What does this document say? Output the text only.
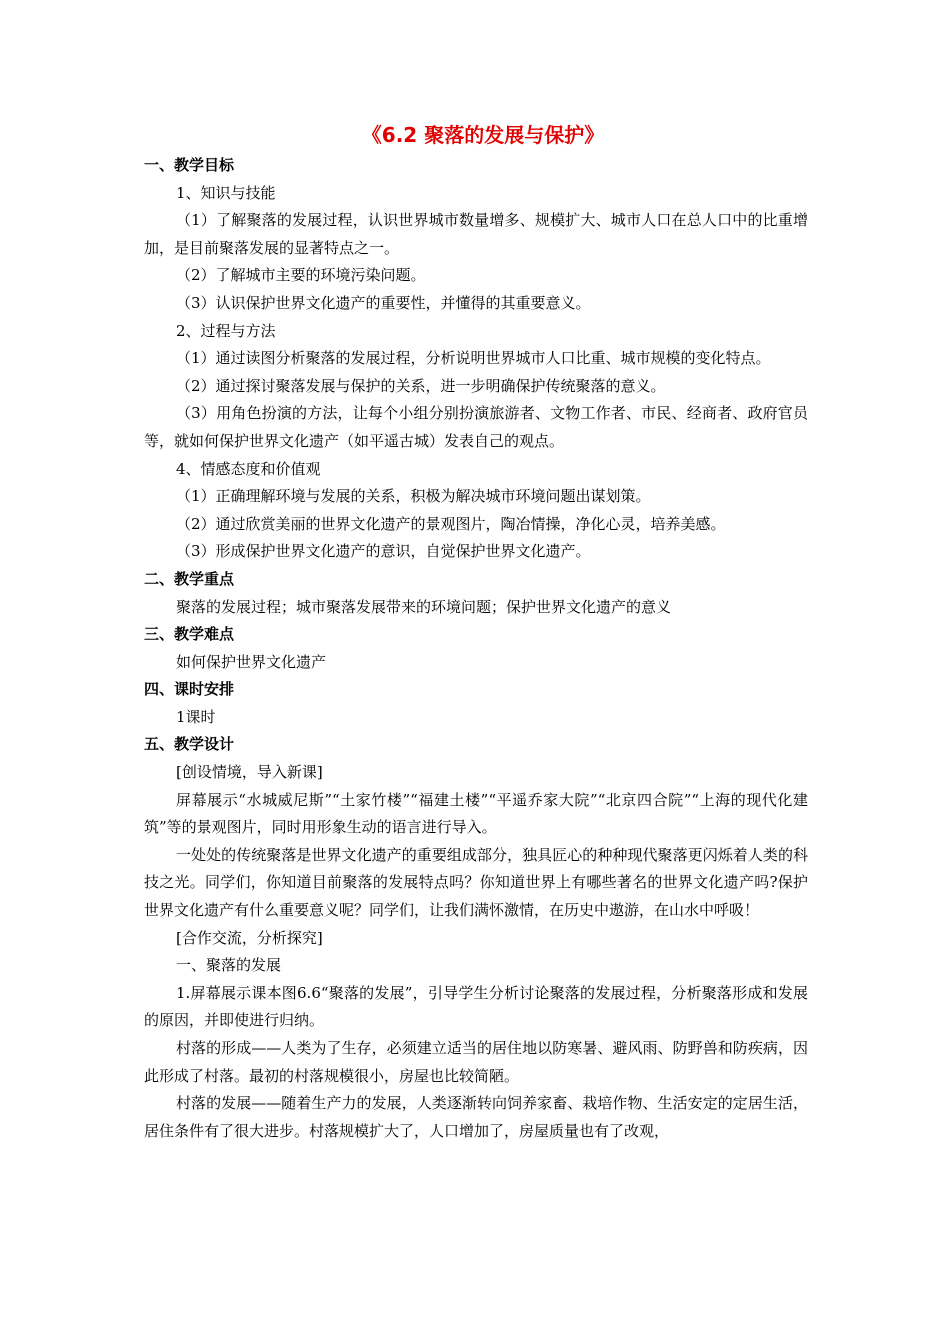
《6.2 聚落的发展与保护》
一、教学目标
1、知识与技能
（1）了解聚落的发展过程，认识世界城市数量增多、规模扩大、城市人口在总人口中的比重增加，是目前聚落发展的显著特点之一。
（2）了解城市主要的环境污染问题。
（3）认识保护世界文化遗产的重要性，并懂得的其重要意义。
2、过程与方法
（1）通过读图分析聚落的发展过程，分析说明世界城市人口比重、城市规模的变化特点。
（2）通过探讨聚落发展与保护的关系，进一步明确保护传统聚落的意义。
（3）用角色扮演的方法，让每个小组分别扮演旅游者、文物工作者、市民、经商者、政府官员等，就如何保护世界文化遗产（如平遥古城）发表自己的观点。
4、情感态度和价值观
（1）正确理解环境与发展的关系，积极为解决城市环境问题出谋划策。
（2）通过欣赏美丽的世界文化遗产的景观图片，陶冶情操，净化心灵，培养美感。
（3）形成保护世界文化遗产的意识，自觉保护世界文化遗产。
二、教学重点
聚落的发展过程；城市聚落发展带来的环境问题；保护世界文化遗产的意义
三、教学难点
如何保护世界文化遗产
四、课时安排
1课时
五、教学设计
[创设情境，导入新课]
屏幕展示“水城威尼斯”“土家竹楼”“福建土楼”“平遥乔家大院”“北京四合院”“上海的现代化建筑”等的景观图片，同时用形象生动的语言进行导入。
一处处的传统聚落是世界文化遗产的重要组成部分，独具匠心的种种现代聚落更闪烁着人类的科技之光。同学们，你知道目前聚落的发展特点吗？你知道世界上有哪些著名的世界文化遗产吗?保护世界文化遗产有什么重要意义呢？同学们，让我们满怀激情，在历史中遨游，在山水中呼吸！
[合作交流，分析探究]
一、聚落的发展
1.屏幕展示课本图6.6“聚落的发展”，引导学生分析讨论聚落的发展过程，分析聚落形成和发展的原因，并即使进行归纳。
村落的形成——人类为了生存，必须建立适当的居住地以防寒暑、避风雨、防野兽和防疾病，因此形成了村落。最初的村落规模很小，房屋也比较简陋。
村落的发展——随着生产力的发展，人类逐渐转向饲养家畜、栽培作物、生活安定的定居生活，居住条件有了很大进步。村落规模扩大了，人口增加了，房屋质量也有了改观，
